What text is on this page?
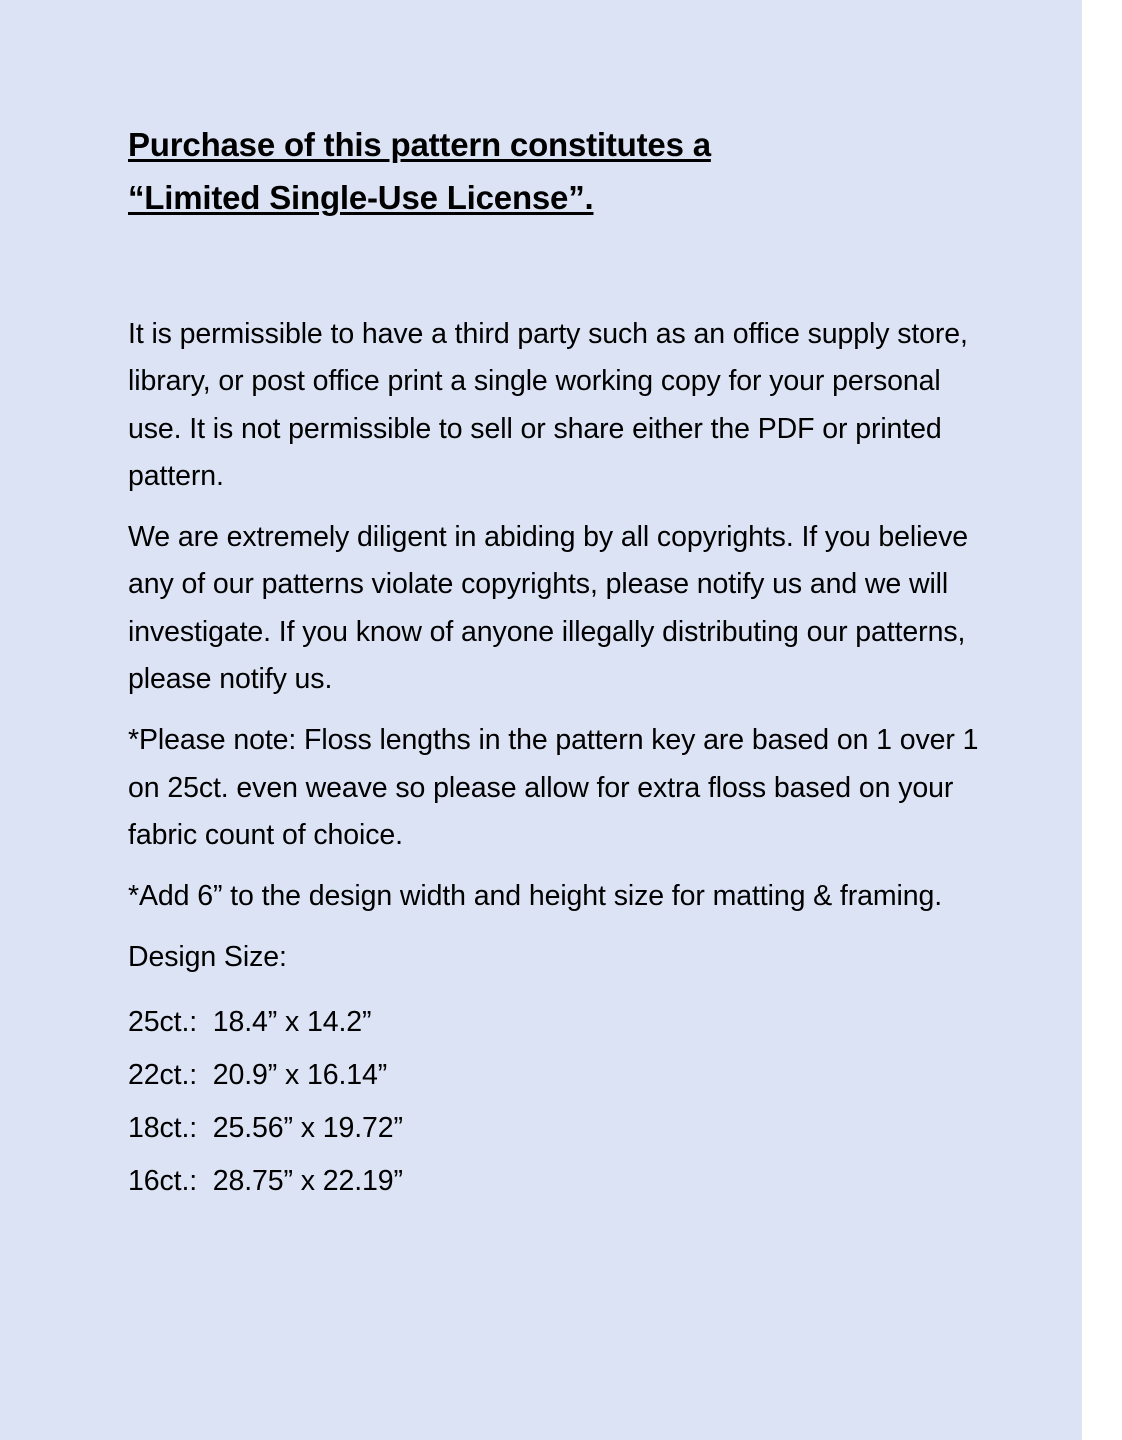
Purchase of this pattern constitutes a
“Limited Single-Use License”.

It is permissible to have a third party such as an office supply store, library, or post office print a single working copy for your personal use. It is not permissible to sell or share either the PDF or printed pattern.

We are extremely diligent in abiding by all copyrights. If you believe any of our patterns violate copyrights, please notify us and we will investigate. If you know of anyone illegally distributing our patterns, please notify us.

*Please note: Floss lengths in the pattern key are based on 1 over 1 on 25ct. even weave so please allow for extra floss based on your fabric count of choice.

*Add 6” to the design width and height size for matting & framing.

Design Size:

25ct.:  18.4” x 14.2”
22ct.:  20.9” x 16.14”
18ct.:  25.56” x 19.72”
16ct.:  28.75” x 22.19”
